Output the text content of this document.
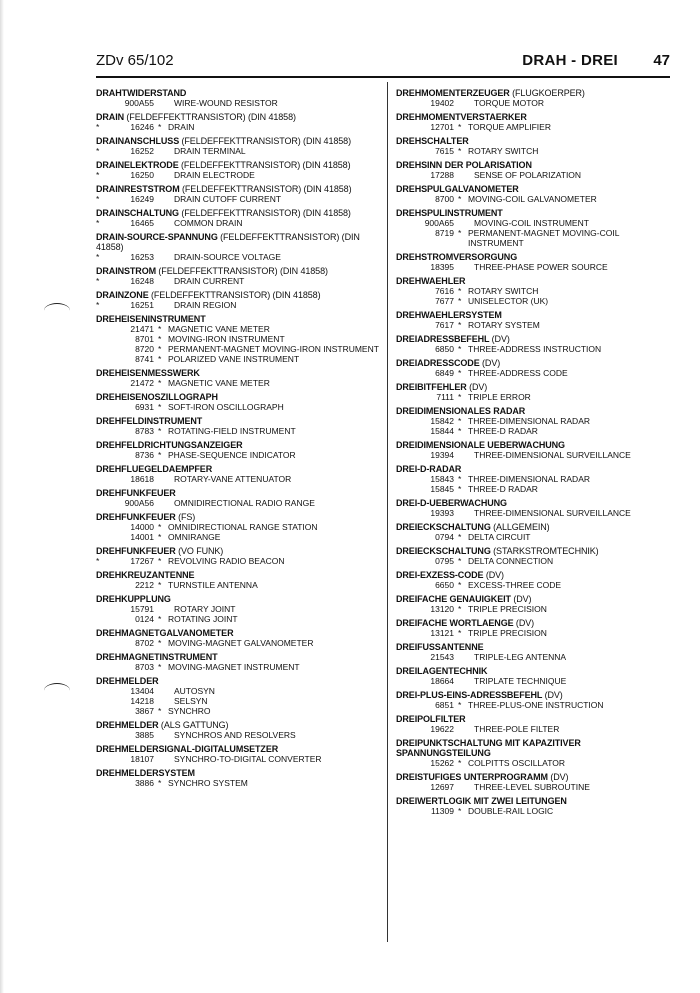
ZDv 65/102	DRAH - DREI 47
DRAHTWIDERSTAND
900A55 WIRE-WOUND RESISTOR
DRAIN (FELDEFFEKTTRANSISTOR) (DIN 41858)
*	16246 * DRAIN
DRAINANSCHLUSS (FELDEFFEKTTRANSISTOR) (DIN 41858)
*	16252 DRAIN TERMINAL
DRAINELEKTRODE (FELDEFFEKTTRANSISTOR) (DIN 41858)
*	16250 DRAIN ELECTRODE
DRAINRESTSTROM (FELDEFFEKTTRANSISTOR) (DIN 41858)
*	16249 DRAIN CUTOFF CURRENT
DRAINSCHALTUNG (FELDEFFEKTTRANSISTOR) (DIN 41858)
*	16465 COMMON DRAIN
DRAIN-SOURCE-SPANNUNG (FELDEFFEKTTRANSISTOR) (DIN 41858)
*	16253 DRAIN-SOURCE VOLTAGE
DRAINSTROM (FELDEFFEKTTRANSISTOR) (DIN 41858)
*	16248 DRAIN CURRENT
DRAINZONE (FELDEFFEKTTRANSISTOR) (DIN 41858)
*	16251 DRAIN REGION
DREHEISENINSTRUMENT
21471 * MAGNETIC VANE METER
8701 * MOVING-IRON INSTRUMENT
8720 * PERMANENT-MAGNET MOVING-IRON INSTRUMENT
8741 * POLARIZED VANE INSTRUMENT
DREHEISENMESSWERK
21472 * MAGNETIC VANE METER
DREHEISENOSZILLOGRAPH
6931 * SOFT-IRON OSCILLOGRAPH
DREHFELDINSTRUMENT
8783 * ROTATING-FIELD INSTRUMENT
DREHFELDRICHTUNGSANZEIGER
8736 * PHASE-SEQUENCE INDICATOR
DREHFLUEGELDAEMPFER
18618 ROTARY-VANE ATTENUATOR
DREHFUNKFEUER
900A56 OMNIDIRECTIONAL RADIO RANGE
DREHFUNKFEUER (FS)
14000 * OMNIDIRECTIONAL RANGE STATION
14001 * OMNIRANGE
DREHFUNKFEUER (VO FUNK)
*	17267 * REVOLVING RADIO BEACON
DREHKREUZANTENNE
2212 * TURNSTILE ANTENNA
DREHKUPPLUNG
15791 ROTARY JOINT
0124 * ROTATING JOINT
DREHMAGNETGALVANOMETER
8702 * MOVING-MAGNET GALVANOMETER
DREHMAGNETINSTRUMENT
8703 * MOVING-MAGNET INSTRUMENT
DREHMELDER
13404 AUTOSYN
14218 SELSYN
3867 * SYNCHRO
DREHMELDER (ALS GATTUNG)
3885 SYNCHROS AND RESOLVERS
DREHMELDERSIGNAL-DIGITALUMSETZER
18107 SYNCHRO-TO-DIGITAL CONVERTER
DREHMELDERSYSTEM
3886 * SYNCHRO SYSTEM
DREHMOMENTERZEUGER (FLUGKOERPER)
19402 TORQUE MOTOR
DREHMOMENTVERSTAERKER
12701 * TORQUE AMPLIFIER
DREHSCHALTER
7615 * ROTARY SWITCH
DREHSINN DER POLARISATION
17288 SENSE OF POLARIZATION
DREHSPULGALVANOMETER
8700 * MOVING-COIL GALVANOMETER
DREHSPULINSTRUMENT
900A65 MOVING-COIL INSTRUMENT
8719 * PERMANENT-MAGNET MOVING-COIL INSTRUMENT
DREHSTROMVERSORGUNG
18395 THREE-PHASE POWER SOURCE
DREHWAEHLER
7616 * ROTARY SWITCH
7677 * UNISELECTOR (UK)
DREHWAEHLERSYSTEM
7617 * ROTARY SYSTEM
DREIADRESSBEFEHL (DV)
6850 * THREE-ADDRESS INSTRUCTION
DREIADRESSCODE (DV)
6849 * THREE-ADDRESS CODE
DREIBITFEHLER (DV)
7111 * TRIPLE ERROR
DREIDIMENSIONALES RADAR
15842 * THREE-DIMENSIONAL RADAR
15844 * THREE-D RADAR
DREIDIMENSIONALE UEBERWACHUNG
19394 THREE-DIMENSIONAL SURVEILLANCE
DREI-D-RADAR
15843 * THREE-DIMENSIONAL RADAR
15845 * THREE-D RADAR
DREI-D-UEBERWACHUNG
19393 THREE-DIMENSIONAL SURVEILLANCE
DREIECKSCHALTUNG (ALLGEMEIN)
0794 * DELTA CIRCUIT
DREIECKSCHALTUNG (STARKSTROMTECHNIK)
0795 * DELTA CONNECTION
DREI-EXZESS-CODE (DV)
6650 * EXCESS-THREE CODE
DREIFACHE GENAUIGKEIT (DV)
13120 * TRIPLE PRECISION
DREIFACHE WORTLAENGE (DV)
13121 * TRIPLE PRECISION
DREIFUSSANTENNE
21543 TRIPLE-LEG ANTENNA
DREILAGENTECHNIK
18664 TRIPLATE TECHNIQUE
DREI-PLUS-EINS-ADRESSBEFEHL (DV)
6851 * THREE-PLUS-ONE INSTRUCTION
DREIPOLFILTER
19622 THREE-POLE FILTER
DREIPUNKTSCHALTUNG MIT KAPAZITIVER SPANNUNGSTEILUNG
15262 * COLPITTS OSCILLATOR
DREISTUFIGES UNTERPROGRAMM (DV)
12697 THREE-LEVEL SUBROUTINE
DREIWERTLOGIK MIT ZWEI LEITUNGEN
11309 * DOUBLE-RAIL LOGIC
